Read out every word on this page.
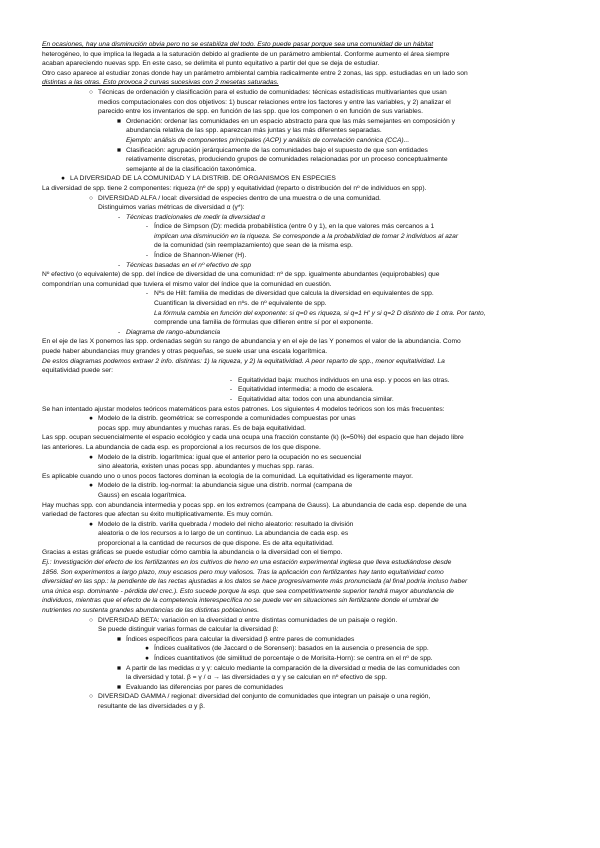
En ocasiones, hay una disminución obvia pero no se estabiliza del todo. Esto puede pasar porque sea una comunidad de un hábitat
heterogéneo, lo que implica la llegada a la saturación debido al gradiente de un parámetro ambiental. Conforme aumento el área siempre
acaban apareciendo nuevas spp. En este caso, se delimita el punto equitativo a partir del que se deja de estudiar.
Otro caso aparece al estudiar zonas donde hay un parámetro ambiental cambia radicalmente entre 2 zonas, las spp. estudiadas en un lado son
distintas a las otras. Esto provoca 2 curvas sucesivas con 2 mesetas saturadas.
○ Técnicas de ordenación y clasificación para el estudio de comunidades: técnicas estadísticas multivariantes que usan
medios computacionales con dos objetivos: 1) buscar relaciones entre los factores y entre las variables, y 2) analizar el
parecido entre los inventarios de spp. en función de las spp. que los componen o en función de sus variables.
■ Ordenación: ordenar las comunidades en un espacio abstracto para que las más semejantes en composición y
abundancia relativa de las spp. aparezcan más juntas y las más diferentes separadas.
Ejemplo: análisis de componentes principales (ACP) y análisis de correlación canónica (CCA)...
■ Clasificación: agrupación jerárquicamente de las comunidades bajo el supuesto de que son entidades
relativamente discretas, produciendo grupos de comunidades relacionadas por un proceso conceptualmente
semejante al de la clasificación taxonómica.
● LA DIVERSIDAD DE LA COMUNIDAD Y LA DISTRIB. DE ORGANISMOS EN ESPECIES
La diversidad de spp. tiene 2 componentes: riqueza (nº de spp) y equitatividad (reparto o distribución del nº de individuos en spp).
○ DIVERSIDAD ALFA / local: diversidad de especies dentro de una muestra o de una comunidad.
Distinguimos varias métricas de diversidad α (γ*):
- Técnicas tradicionales de medir la diversidad α
- Índice de Simpson (D): medida probabilística (entre 0 y 1), en la que valores más cercanos a 1
implican una disminución en la riqueza. Se corresponde a la probabilidad de tomar 2 individuos al azar
de la comunidad (sin reemplazamiento) que sean de la misma esp.
- Índice de Shannon-Wiener (H).
- Técnicas basadas en el nº efectivo de spp
Nº efectivo (o equivalente) de spp. del índice de diversidad de una comunidad: nº de spp. igualmente abundantes (equiprobables) que
compondrían una comunidad que tuviera el mismo valor del índice que la comunidad en cuestión.
- Nºs de Hill: familia de medidas de diversidad que calcula la diversidad en equivalentes de spp.
Cuantifican la diversidad en nºs. de nº equivalente de spp.
La fórmula cambia en función del exponente: si q=0 es riqueza, si q=1 H' y si q=2 D distinto de 1 otra. Por tanto,
comprende una familia de fórmulas que difieren entre sí por el exponente.
- Diagrama de rango-abundancia
En el eje de las X ponemos las spp. ordenadas según su rango de abundancia y en el eje de las Y ponemos el valor de la abundancia. Como
puede haber abundancias muy grandes y otras pequeñas, se suele usar una escala logarítmica.
De estos diagramas podemos extraer 2 info. distintas: 1) la riqueza, y 2) la equitatividad. A peor reparto de spp., menor equitatividad. La
equitatividad puede ser:
- Equitatividad baja: muchos individuos en una esp. y pocos en las otras.
- Equitatividad intermedia: a modo de escalera.
- Equitatividad alta: todos con una abundancia similar.
Se han intentado ajustar modelos teóricos matemáticos para estos patrones. Los siguientes 4 modelos teóricos son los más frecuentes:
● Modelo de la distrib. geométrica: se corresponde a comunidades compuestas por unas
pocas spp. muy abundantes y muchas raras. Es de baja equitatividad.
Las spp. ocupan secuencialmente el espacio ecológico y cada una ocupa una fracción constante (k) (k=50%) del espacio que han dejado libre
las anteriores. La abundancia de cada esp. es proporcional a los recursos de los que dispone.
● Modelo de la distrib. logarítmica: igual que el anterior pero la ocupación no es secuencial
sino aleatoria, existen unas pocas spp. abundantes y muchas spp. raras.
Es aplicable cuando uno o unos pocos factores dominan la ecología de la comunidad. La equitatividad es ligeramente mayor.
● Modelo de la distrib. log-normal: la abundancia sigue una distrib. normal (campana de
Gauss) en escala logarítmica.
Hay muchas spp. con abundancia intermedia y pocas spp. en los extremos (campana de Gauss). La abundancia de cada esp. depende de una
variedad de factores que afectan su éxito multiplicativamente. Es muy común.
● Modelo de la distrib. varilla quebrada / modelo del nicho aleatorio: resultado la división
aleatoria o de los recursos a lo largo de un continuo. La abundancia de cada esp. es
proporcional a la cantidad de recursos de que dispone. Es de alta equitatividad.
Gracias a estas gráficas se puede estudiar cómo cambia la abundancia o la diversidad con el tiempo.
Ej.: Investigación del efecto de los fertilizantes en los cultivos de heno en una estación experimental inglesa que lleva estudiándose desde
1856. Son experimentos a largo plazo, muy escasos pero muy valiosos. Tras la aplicación con fertilizantes hay tanto equitatividad como
diversidad en las spp.: la pendiente de las rectas ajustadas a los datos se hace progresivamente más pronunciada (al final podría incluso haber
una única esp. dominante - pérdida del crec.). Esto sucede porque la esp. que sea competitivamente superior tendrá mayor abundancia de
individuos, mientras que el efecto de la competencia interespecífica no se puede ver en situaciones sin fertilizante donde el umbral de
nutrientes no sustenta grandes abundancias de las distintas poblaciones.
○ DIVERSIDAD BETA: variación en la diversidad α entre distintas comunidades de un paisaje o región.
Se puede distinguir varias formas de calcular la diversidad β:
■ Índices específicos para calcular la diversidad β entre pares de comunidades
● Índices cualitativos (de Jaccard o de Sorensen): basados en la ausencia o presencia de spp.
● Índices cuantitativos (de similitud de porcentaje o de Morisita-Horn): se centra en el nº de spp.
■ A partir de las medidas α y γ: calculo mediante la comparación de la diversidad α media de las comunidades con
la diversidad γ total. β = γ / α → las diversidades α y γ se calculan en nº efectivo de spp.
■ Evaluando las diferencias por pares de comunidades
○ DIVERSIDAD GAMMA / regional: diversidad del conjunto de comunidades que integran un paisaje o una región,
resultante de las diversidades α y β.
